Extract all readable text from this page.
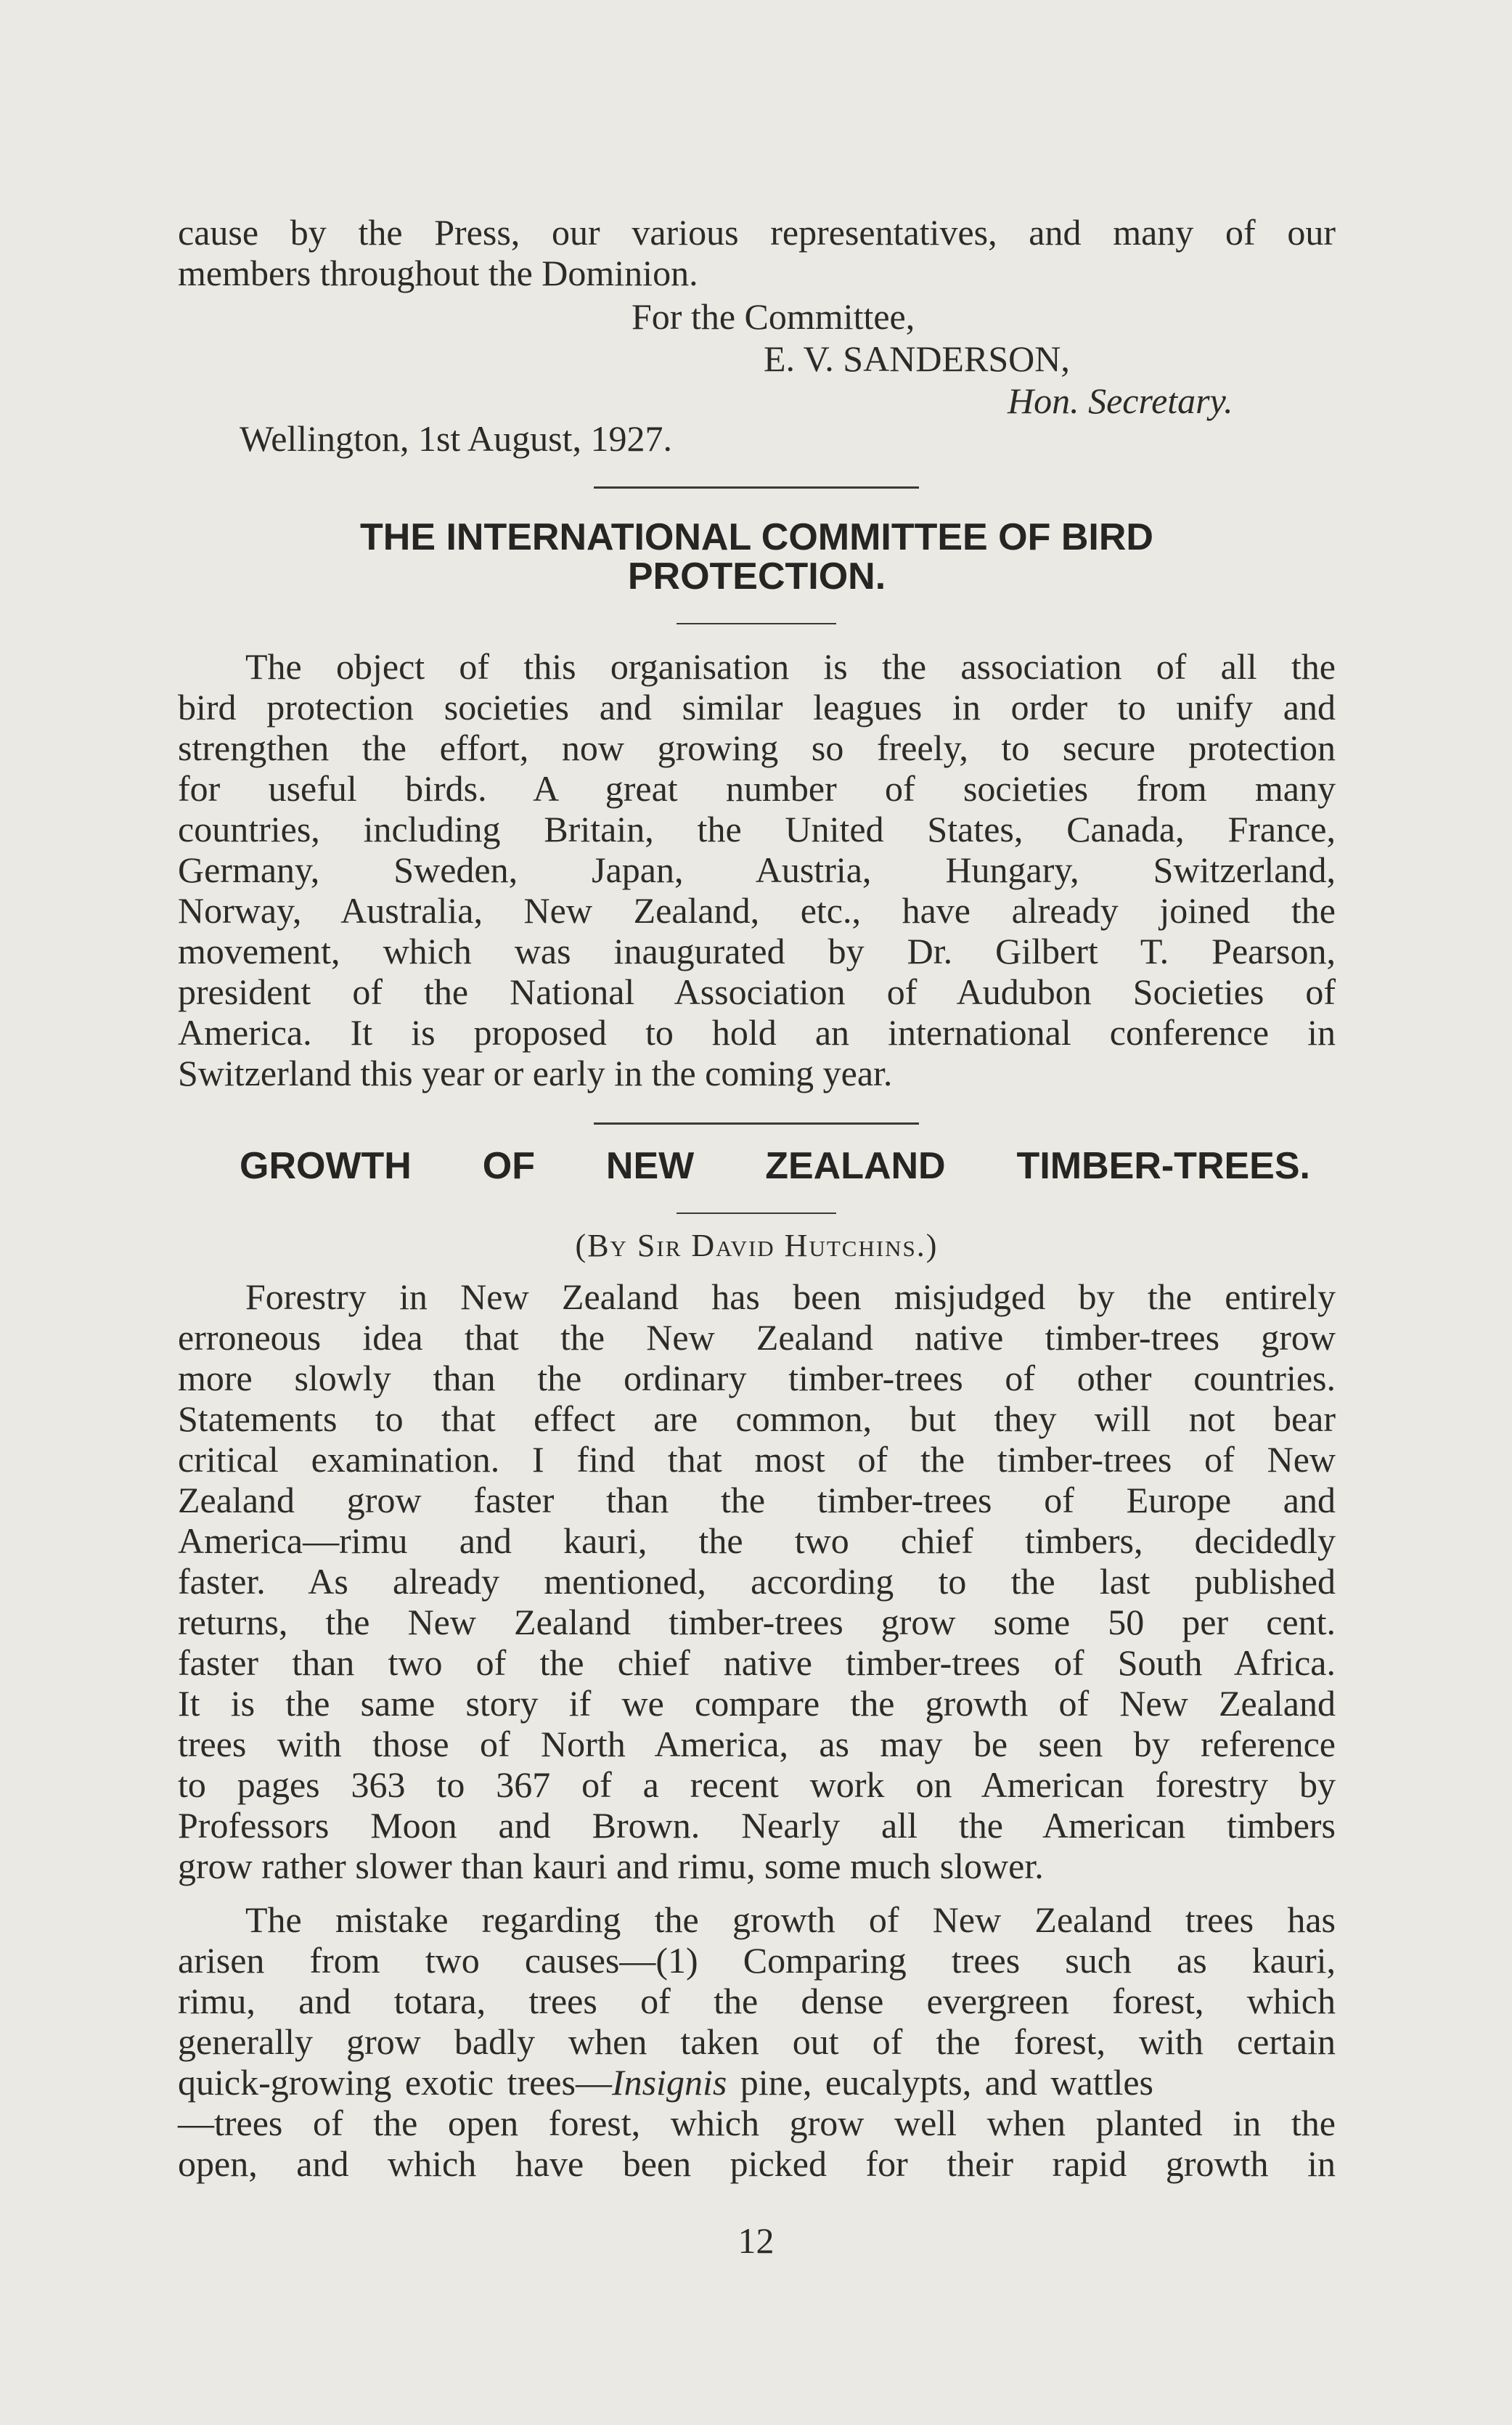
cause by the Press, our various representatives, and many of our
members throughout the Dominion.
For the Committee,
E. V. SANDERSON,
Hon. Secretary.
Wellington, 1st August, 1927.
THE INTERNATIONAL COMMITTEE OF BIRD
PROTECTION.
The object of this organisation is the association of all the
bird protection societies and similar leagues in order to unify and
strengthen the effort, now growing so freely, to secure protection
for useful birds. A great number of societies from many
countries, including Britain, the United States, Canada, France,
Germany, Sweden, Japan, Austria, Hungary, Switzerland,
Norway, Australia, New Zealand, etc., have already joined the
movement, which was inaugurated by Dr. Gilbert T. Pearson,
president of the National Association of Audubon Societies of
America. It is proposed to hold an international conference in
Switzerland this year or early in the coming year.
GROWTH OF NEW ZEALAND TIMBER-TREES.
(By Sir David Hutchins.)
Forestry in New Zealand has been misjudged by the entirely
erroneous idea that the New Zealand native timber-trees grow
more slowly than the ordinary timber-trees of other countries.
Statements to that effect are common, but they will not bear
critical examination. I find that most of the timber-trees of New
Zealand grow faster than the timber-trees of Europe and
America—rimu and kauri, the two chief timbers, decidedly
faster. As already mentioned, according to the last published
returns, the New Zealand timber-trees grow some 50 per cent.
faster than two of the chief native timber-trees of South Africa.
It is the same story if we compare the growth of New Zealand
trees with those of North America, as may be seen by reference
to pages 363 to 367 of a recent work on American forestry by
Professors Moon and Brown. Nearly all the American timbers
grow rather slower than kauri and rimu, some much slower.
The mistake regarding the growth of New Zealand trees has
arisen from two causes—(1) Comparing trees such as kauri,
rimu, and totara, trees of the dense evergreen forest, which
generally grow badly when taken out of the forest, with certain
quick-growing exotic trees—Insignis pine, eucalypts, and wattles
—trees of the open forest, which grow well when planted in the
open, and which have been picked for their rapid growth in
12
